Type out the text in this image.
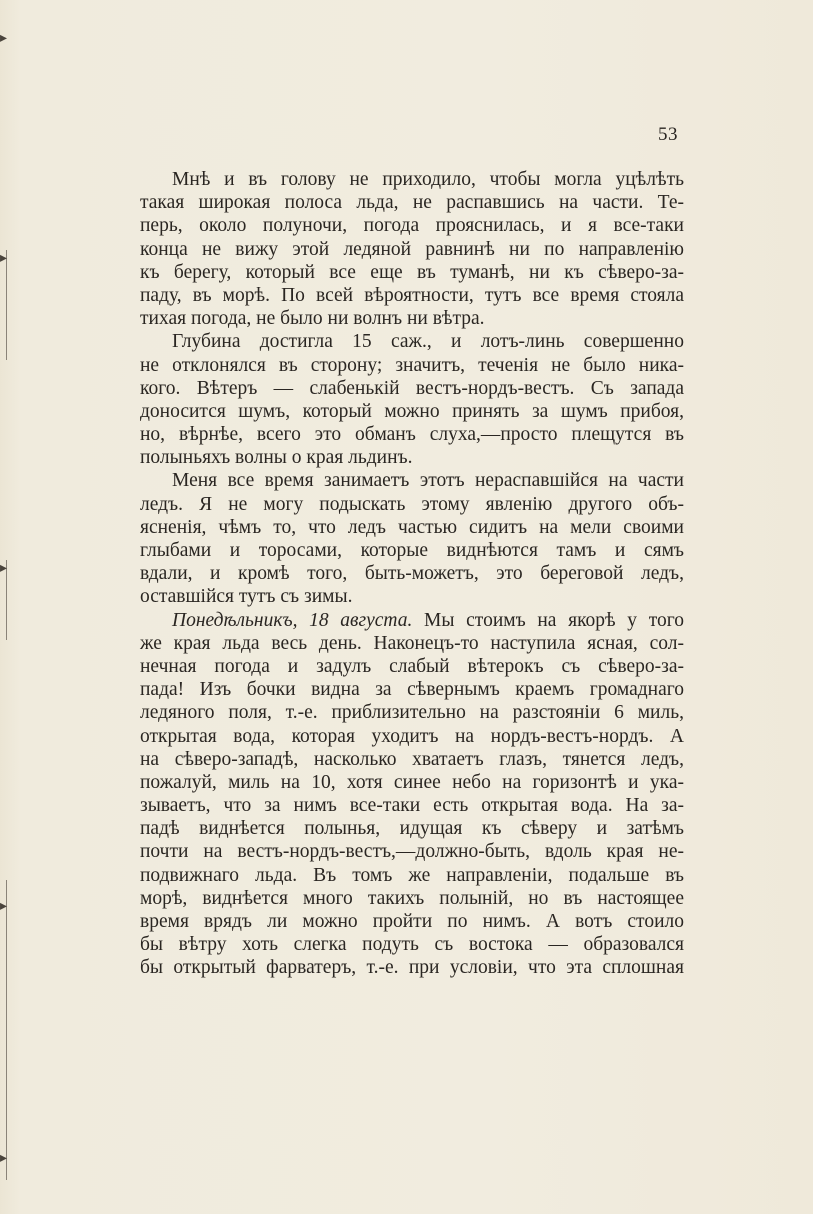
▸
▸
▸
▸
▸
53
Мнѣ и въ голову не приходило, чтобы могла уцѣлѣть
такая широкая полоса льда, не распавшись на части. Те-
перь, около полуночи, погода прояснилась, и я все-таки
конца не вижу этой ледяной равнинѣ ни по направленію
къ берегу, который все еще въ туманѣ, ни къ сѣверо-за-
паду, въ морѣ. По всей вѣроятности, тутъ все время стояла
тихая погода, не было ни волнъ ни вѣтра.
Глубина достигла 15 саж., и лотъ-линь совершенно
не отклонялся въ сторону; значитъ, теченія не было ника-
кого. Вѣтеръ — слабенькій вестъ-нордъ-вестъ. Съ запада
доносится шумъ, который можно принять за шумъ прибоя,
но, вѣрнѣе, всего это обманъ слуха,—просто плещутся въ
полыньяхъ волны о края льдинъ.
Меня все время занимаетъ этотъ нераспавшійся на части
ледъ. Я не могу подыскать этому явленію другого объ-
ясненія, чѣмъ то, что ледъ частью сидитъ на мели своими
глыбами и торосами, которые виднѣются тамъ и сямъ
вдали, и кромѣ того, быть-можетъ, это береговой ледъ,
оставшійся тутъ съ зимы.
Понедѣльникъ, 18 августа. Мы стоимъ на якорѣ у того
же края льда весь день. Наконецъ-то наступила ясная, сол-
нечная погода и задулъ слабый вѣтерокъ съ сѣверо-за-
пада! Изъ бочки видна за сѣвернымъ краемъ громаднаго
ледяного поля, т.-е. приблизительно на разстояніи 6 миль,
открытая вода, которая уходитъ на нордъ-вестъ-нордъ. А
на сѣверо-западѣ, насколько хватаетъ глазъ, тянется ледъ,
пожалуй, миль на 10, хотя синее небо на горизонтѣ и ука-
зываетъ, что за нимъ все-таки есть открытая вода. На за-
падѣ виднѣется полынья, идущая къ сѣверу и затѣмъ
почти на вестъ-нордъ-вестъ,—должно-быть, вдоль края не-
подвижнаго льда. Въ томъ же направленіи, подальше въ
морѣ, виднѣется много такихъ полыній, но въ настоящее
время врядъ ли можно пройти по нимъ. А вотъ стоило
бы вѣтру хоть слегка подуть съ востока — образовался
бы открытый фарватеръ, т.-е. при условіи, что эта сплошная
